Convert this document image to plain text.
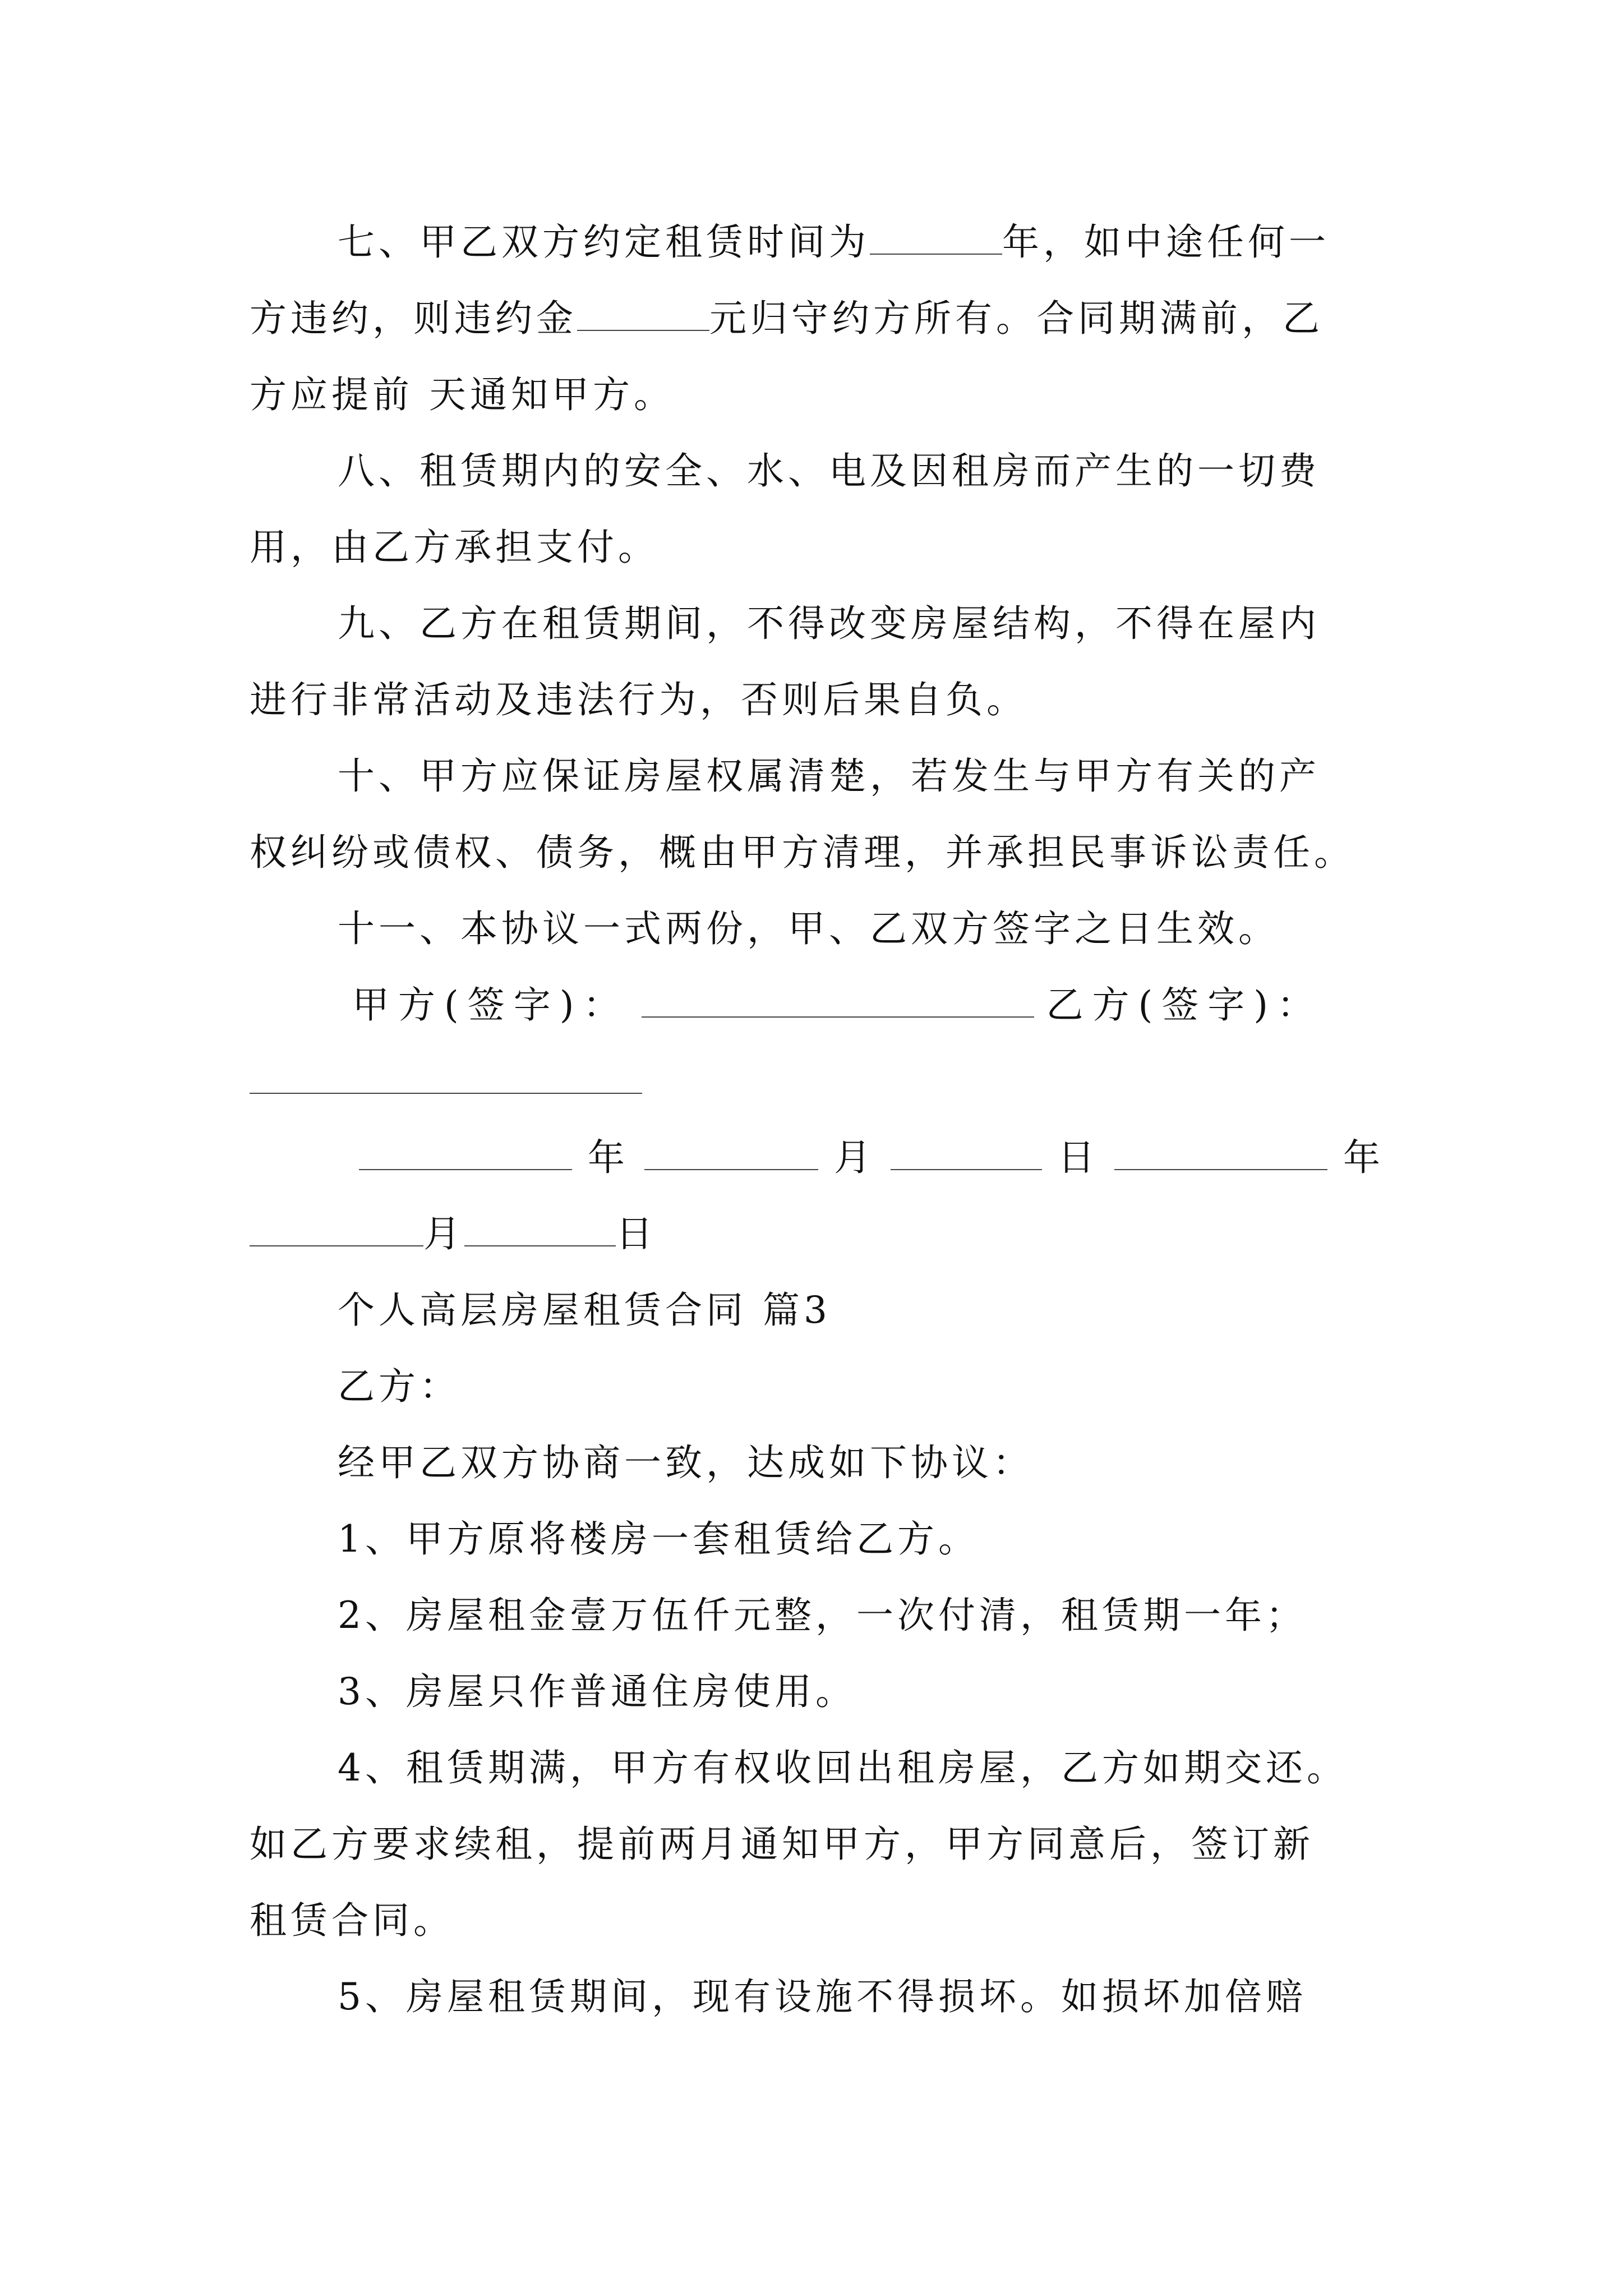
七、甲乙双方约定租赁时间为	年，如中途任何一
方违约，则违约金	元归守约方所有。合同期满前，乙
方应提前 天通知甲方。
八、租赁期内的安全、水、电及因租房而产生的一切费
用，由乙方承担支付。
九、乙方在租赁期间，不得改变房屋结构，不得在屋内
进行非常活动及违法行为，否则后果自负。
十、甲方应保证房屋权属清楚，若发生与甲方有关的产
权纠纷或债权、债务，概由甲方清理，并承担民事诉讼责任。
十一、本协议一式两份，甲、乙双方签字之日生效。
甲方(签字)：	乙方(签字)：
年	月	日	年
月	日
个人高层房屋租赁合同 篇3
乙方：
经甲乙双方协商一致，达成如下协议：
1、甲方原将楼房一套租赁给乙方。
2、房屋租金壹万伍仟元整，一次付清，租赁期一年；
3、房屋只作普通住房使用。
4、租赁期满，甲方有权收回出租房屋，乙方如期交还。
如乙方要求续租，提前两月通知甲方，甲方同意后，签订新
租赁合同。
5、房屋租赁期间，现有设施不得损坏。如损坏加倍赔
